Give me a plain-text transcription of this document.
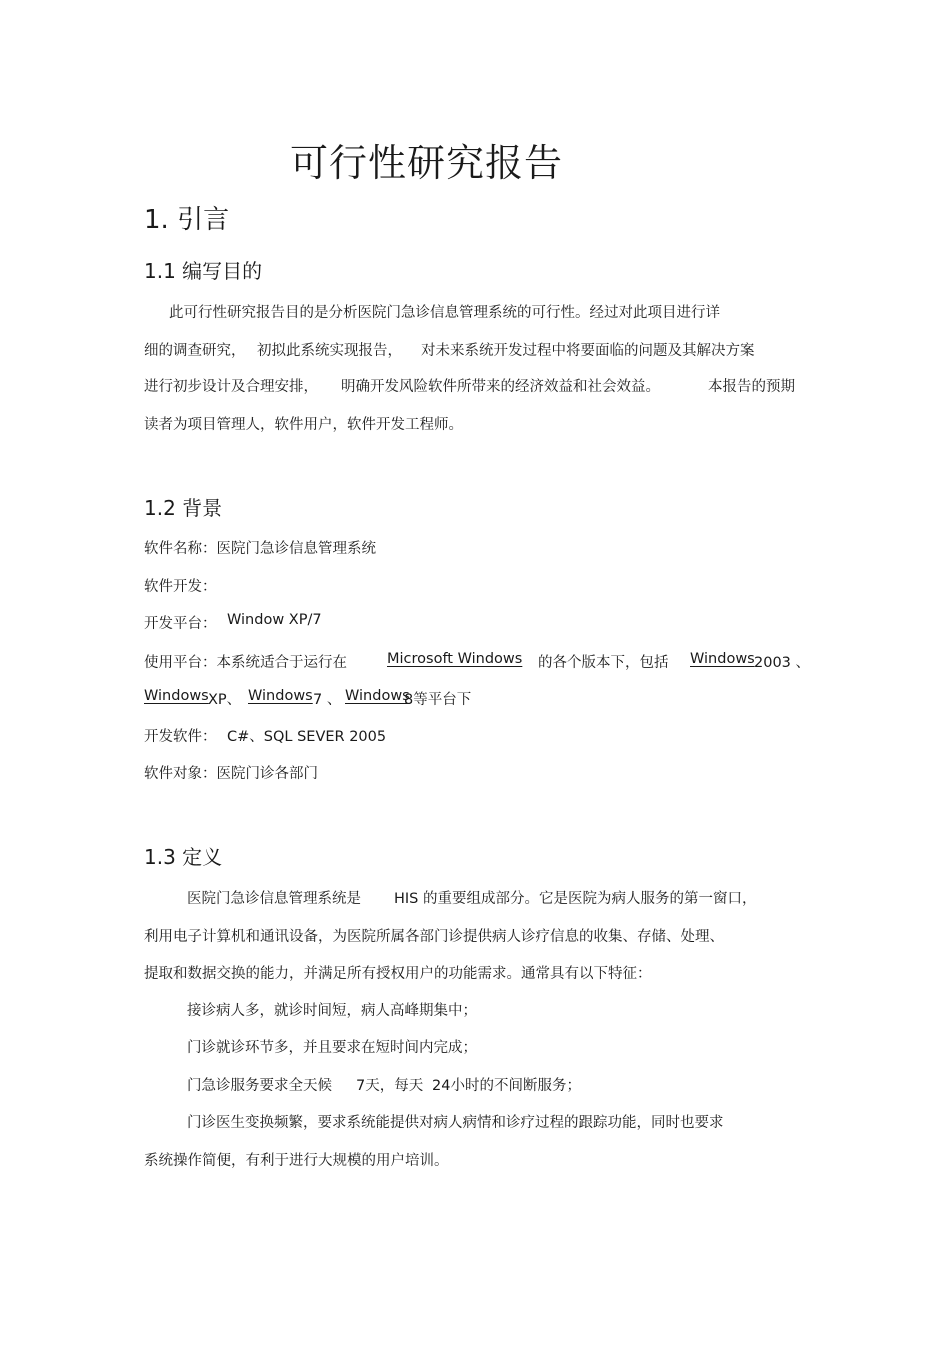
可行性研究报告
1. 引言
1.1 编写目的
此可行性研究报告目的是分析医院门急诊信息管理系统的可行性。经过对此项目进行详
细的调查研究， 初拟此系统实现报告， 对未来系统开发过程中将要面临的问题及其解决方案
进行初步设计及合理安排， 明确开发风险软件所带来的经济效益和社会效益。	本报告的预期
读者为项目管理人，软件用户，软件开发工程师。
1.2 背景
软件名称：医院门急诊信息管理系统
软件开发：
开发平台： Window XP/7
使用平台：本系统适合于运行在	Microsoft Windows 的各个版本下，包括 Windows 2003 、
Windows XP、 Windows 7 、 Windows
8等平台下
开发软件： C#、SQL SEVER 2005
软件对象：医院门诊各部门
1.3 定义
医院门急诊信息管理系统是 HIS 的重要组成部分。它是医院为病人服务的第一窗口，
利用电子计算机和通讯设备，为医院所属各部门诊提供病人诊疗信息的收集、存储、处理、
提取和数据交换的能力，并满足所有授权用户的功能需求。通常具有以下特征：
接诊病人多，就诊时间短，病人高峰期集中；
门诊就诊环节多，并且要求在短时间内完成；
门急诊服务要求全天候 7天，每天 24小时的不间断服务；
门诊医生变换频繁，要求系统能提供对病人病情和诊疗过程的跟踪功能，同时也要求
系统操作简便，有利于进行大规模的用户培训。
